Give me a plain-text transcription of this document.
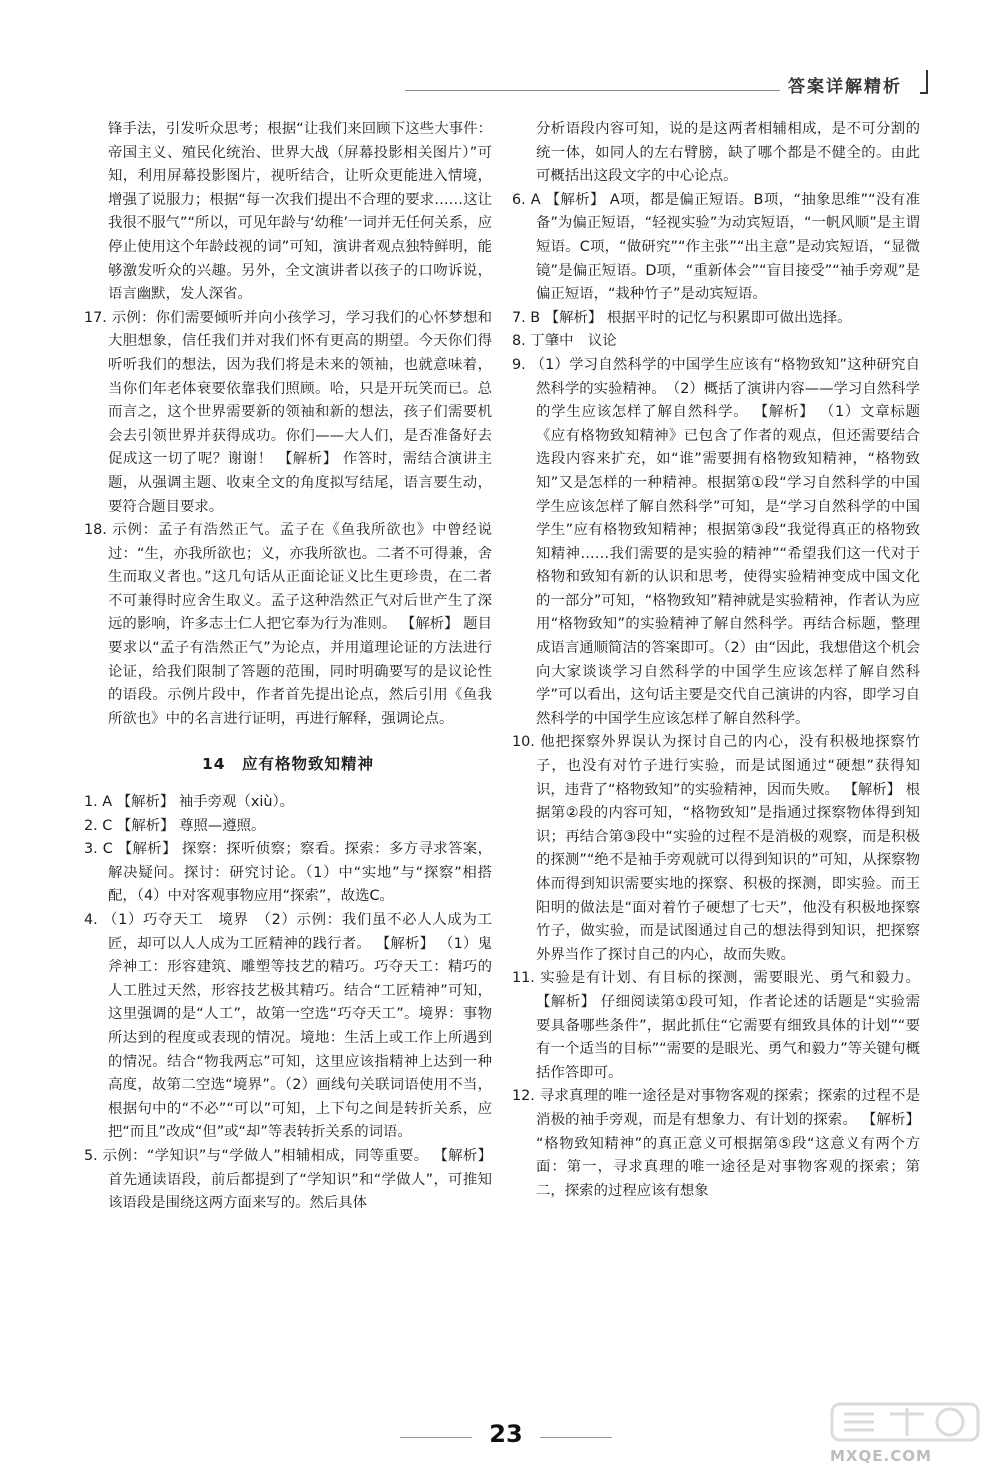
答案详解精析

锋手法，引发听众思考；根据“让我们来回顾下这些大事件：帝国主义、殖民化统治、世界大战（屏幕投影相关图片）”可知，利用屏幕投影图片，视听结合，让听众更能进入情境，增强了说服力；根据“每一次我们提出不合理的要求……这让我很不服气”“所以，可见年龄与‘幼稚’一词并无任何关系，应停止使用这个年龄歧视的词”可知，演讲者观点独特鲜明，能够激发听众的兴趣。另外，全文演讲者以孩子的口吻诉说，语言幽默，发人深省。

17. 示例：你们需要倾听并向小孩学习，学习我们的心怀梦想和大胆想象，信任我们并对我们怀有更高的期望。今天你们得听听我们的想法，因为我们将是未来的领袖，也就意味着，当你们年老体衰要依靠我们照顾。哈，只是开玩笑而已。总而言之，这个世界需要新的领袖和新的想法，孩子们需要机会去引领世界并获得成功。你们——大人们，是否准备好去促成这一切了呢？谢谢！ 【解析】 作答时，需结合演讲主题，从强调主题、收束全文的角度拟写结尾，语言要生动，要符合题目要求。

18. 示例：孟子有浩然正气。孟子在《鱼我所欲也》中曾经说过：“生，亦我所欲也；义，亦我所欲也。二者不可得兼，舍生而取义者也。”这几句话从正面论证义比生更珍贵，在二者不可兼得时应舍生取义。孟子这种浩然正气对后世产生了深远的影响，许多志士仁人把它奉为行为准则。 【解析】 题目要求以“孟子有浩然正气”为论点，并用道理论证的方法进行论证，给我们限制了答题的范围，同时明确要写的是议论性的语段。示例片段中，作者首先提出论点，然后引用《鱼我所欲也》中的名言进行证明，再进行解释，强调论点。

14　应有格物致知精神

1. A 【解析】 袖手旁观（xiù）。

2. C 【解析】 尊照—遵照。

3. C 【解析】 探察：探听侦察；察看。探索：多方寻求答案，解决疑问。探讨：研究讨论。（1）中“实地”与“探察”相搭配，（4）中对客观事物应用“探索”，故选C。

4. （1）巧夺天工　境界　（2）示例：我们虽不必人人成为工匠，却可以人人成为工匠精神的践行者。 【解析】 （1）鬼斧神工：形容建筑、雕塑等技艺的精巧。巧夺天工：精巧的人工胜过天然，形容技艺极其精巧。结合“工匠精神”可知，这里强调的是“人工”，故第一空选“巧夺天工”。境界：事物所达到的程度或表现的情况。境地：生活上或工作上所遇到的情况。结合“物我两忘”可知，这里应该指精神上达到一种高度，故第二空选“境界”。（2）画线句关联词语使用不当，根据句中的“不必”“可以”可知，上下句之间是转折关系，应把“而且”改成“但”或“却”等表转折关系的词语。

5. 示例：“学知识”与“学做人”相辅相成，同等重要。 【解析】 首先通读语段，前后都提到了“学知识”和“学做人”，可推知该语段是围绕这两方面来写的。然后具体

分析语段内容可知，说的是这两者相辅相成，是不可分割的统一体，如同人的左右臂膀，缺了哪个都是不健全的。由此可概括出这段文字的中心论点。

6. A 【解析】 A项，都是偏正短语。B项，“抽象思维”“没有准备”为偏正短语，“轻视实验”为动宾短语，“一帆风顺”是主谓短语。C项，“做研究”“作主张”“出主意”是动宾短语，“显微镜”是偏正短语。D项，“重新体会”“盲目接受”“袖手旁观”是偏正短语，“栽种竹子”是动宾短语。

7. B 【解析】 根据平时的记忆与积累即可做出选择。

8. 丁肇中　议论

9. （1）学习自然科学的中国学生应该有“格物致知”这种研究自然科学的实验精神。　（2）概括了演讲内容——学习自然科学的学生应该怎样了解自然科学。 【解析】 （1）文章标题《应有格物致知精神》已包含了作者的观点，但还需要结合选段内容来扩充，如“谁”需要拥有格物致知精神，“格物致知”又是怎样的一种精神。根据第①段“学习自然科学的中国学生应该怎样了解自然科学”可知，是“学习自然科学的中国学生”应有格物致知精神；根据第③段“我觉得真正的格物致知精神……我们需要的是实验的精神”“希望我们这一代对于格物和致知有新的认识和思考，使得实验精神变成中国文化的一部分”可知，“格物致知”精神就是实验精神，作者认为应用“格物致知”的实验精神了解自然科学。再结合标题，整理成语言通顺简洁的答案即可。（2）由“因此，我想借这个机会向大家谈谈学习自然科学的中国学生应该怎样了解自然科学”可以看出，这句话主要是交代自己演讲的内容，即学习自然科学的中国学生应该怎样了解自然科学。

10. 他把探察外界误认为探讨自己的内心，没有积极地探察竹子，也没有对竹子进行实验，而是试图通过“硬想”获得知识，违背了“格物致知”的实验精神，因而失败。 【解析】 根据第②段的内容可知，“格物致知”是指通过探察物体得到知识；再结合第③段中“实验的过程不是消极的观察，而是积极的探测”“绝不是袖手旁观就可以得到知识的”可知，从探察物体而得到知识需要实地的探察、积极的探测，即实验。而王阳明的做法是“面对着竹子硬想了七天”，他没有积极地探察竹子，做实验，而是试图通过自己的想法得到知识，把探察外界当作了探讨自己的内心，故而失败。

11. 实验是有计划、有目标的探测，需要眼光、勇气和毅力。 【解析】 仔细阅读第①段可知，作者论述的话题是“实验需要具备哪些条件”，据此抓住“它需要有细致具体的计划”“要有一个适当的目标”“需要的是眼光、勇气和毅力”等关键句概括作答即可。

12. 寻求真理的唯一途径是对事物客观的探索；探索的过程不是消极的袖手旁观，而是有想象力、有计划的探索。 【解析】 “格物致知精神”的真正意义可根据第⑤段“这意义有两个方面：第一，寻求真理的唯一途径是对事物客观的探索；第二，探索的过程应该有想象

23
MXQE.COM
